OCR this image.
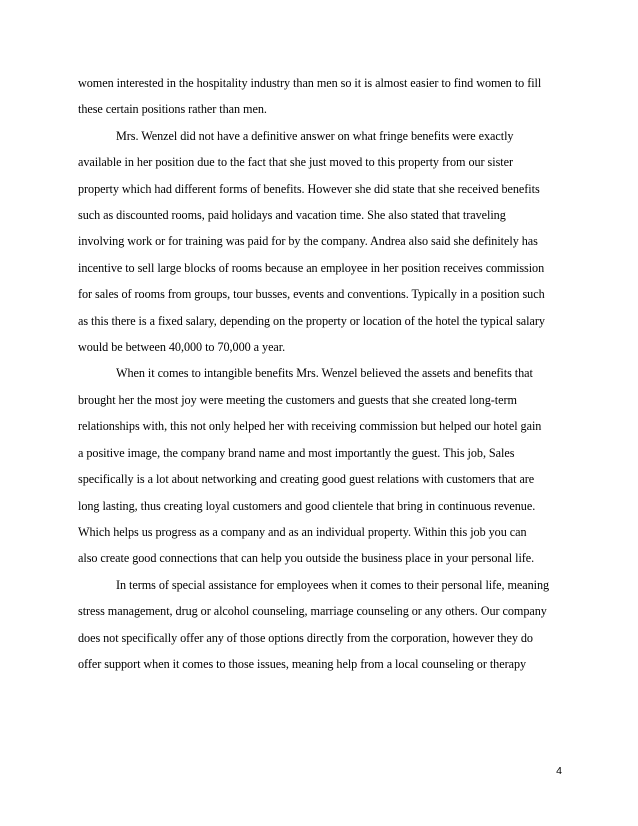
women interested in the hospitality industry than men so it is almost easier to find women to fill
these certain positions rather than men.

Mrs. Wenzel did not have a definitive answer on what fringe benefits were exactly
available in her position due to the fact that she just moved to this property from our sister
property which had different forms of benefits. However she did state that she received benefits
such as discounted rooms, paid holidays and vacation time. She also stated that traveling
involving work or for training was paid for by the company. Andrea also said she definitely has
incentive to sell large blocks of rooms because an employee in her position receives commission
for sales of rooms from groups, tour busses, events and conventions. Typically in a position such
as this there is a fixed salary, depending on the property or location of the hotel the typical salary
would be between 40,000 to 70,000 a year.

When it comes to intangible benefits Mrs. Wenzel believed the assets and benefits that
brought her the most joy were meeting the customers and guests that she created long-term
relationships with, this not only helped her with receiving commission but helped our hotel gain
a positive image, the company brand name and most importantly the guest. This job, Sales
specifically is a lot about networking and creating good guest relations with customers that are
long lasting, thus creating loyal customers and good clientele that bring in continuous revenue.
Which helps us progress as a company and as an individual property. Within this job you can
also create good connections that can help you outside the business place in your personal life.

In terms of special assistance for employees when it comes to their personal life, meaning
stress management, drug or alcohol counseling, marriage counseling or any others. Our company
does not specifically offer any of those options directly from the corporation, however they do
offer support when it comes to those issues, meaning help from a local counseling or therapy

4
